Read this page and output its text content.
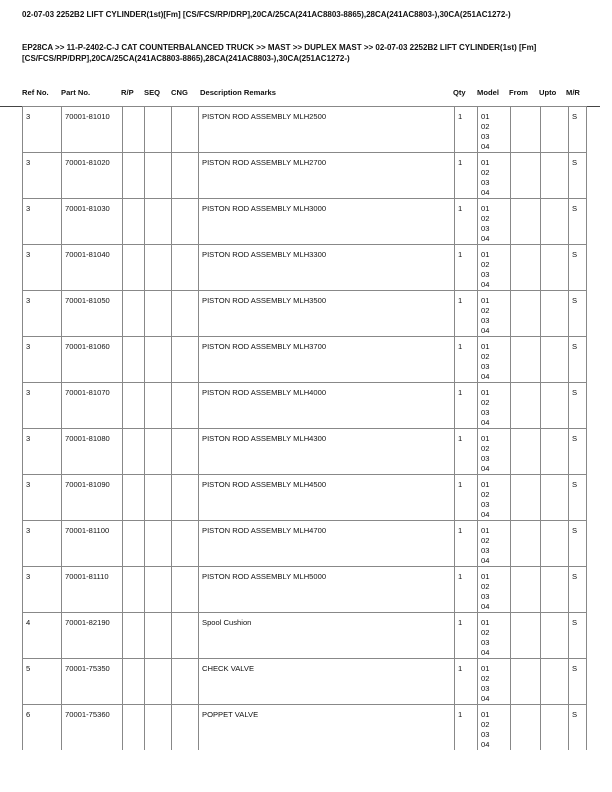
02-07-03 2252B2 LIFT CYLINDER(1st)[Fm] [CS/FCS/RP/DRP],20CA/25CA(241AC8803-8865),28CA(241AC8803-),30CA(251AC1272-)
EP28CA >> 11-P-2402-C-J CAT COUNTERBALANCED TRUCK >> MAST >> DUPLEX MAST >> 02-07-03 2252B2 LIFT CYLINDER(1st) [Fm] [CS/FCS/RP/DRP],20CA/25CA(241AC8803-8865),28CA(241AC8803-),30CA(251AC1272-)
Ref No. Part No.	R/P SEQ CNG Description Remarks	Qty Model From Upto M/R
3	70001-81010				PISTON ROD ASSEMBLY MLH2500	1	01
02
03
04			S
3	70001-81020				PISTON ROD ASSEMBLY MLH2700	1	01
02
03
04			S
3	70001-81030				PISTON ROD ASSEMBLY MLH3000	1	01
02
03
04			S
3	70001-81040				PISTON ROD ASSEMBLY MLH3300	1	01
02
03
04			S
3	70001-81050				PISTON ROD ASSEMBLY MLH3500	1	01
02
03
04			S
3	70001-81060				PISTON ROD ASSEMBLY MLH3700	1	01
02
03
04			S
3	70001-81070				PISTON ROD ASSEMBLY MLH4000	1	01
02
03
04			S
3	70001-81080				PISTON ROD ASSEMBLY MLH4300	1	01
02
03
04			S
3	70001-81090				PISTON ROD ASSEMBLY MLH4500	1	01
02
03
04			S
3	70001-81100				PISTON ROD ASSEMBLY MLH4700	1	01
02
03
04			S
3	70001-81110				PISTON ROD ASSEMBLY MLH5000	1	01
02
03
04			S
4	70001-82190				Spool Cushion	1	01
02
03
04			S
5	70001-75350				CHECK VALVE	1	01
02
03
04			S
6	70001-75360				POPPET VALVE	1	01
02
03
04			S
